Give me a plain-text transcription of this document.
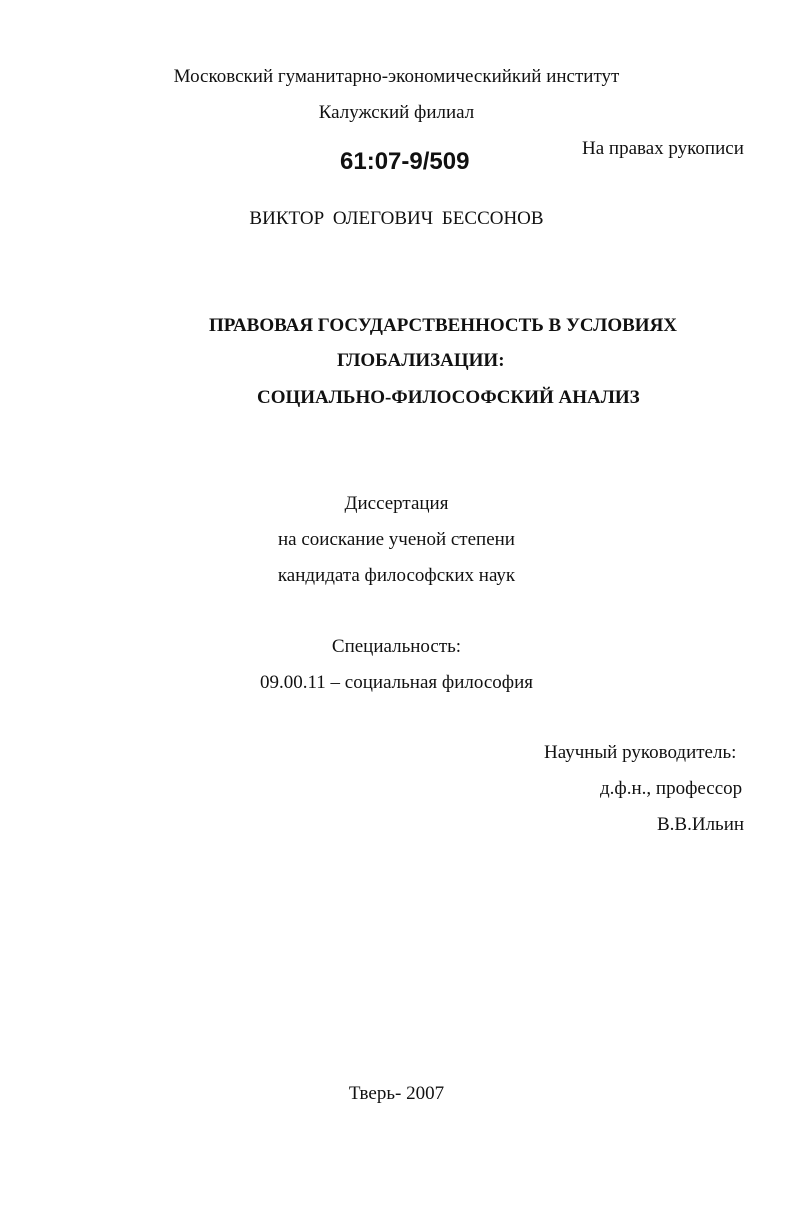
Московский гуманитарно-экономическийкий институт
Калужский филиал
61:07-9/509	На правах рукописи
ВИКТОР ОЛЕГОВИЧ БЕССОНОВ
ПРАВОВАЯ ГОСУДАРСТВЕННОСТЬ В УСЛОВИЯХ
ГЛОБАЛИЗАЦИИ:
СОЦИАЛЬНО-ФИЛОСОФСКИЙ АНАЛИЗ
Диссертация
на соискание ученой степени
кандидата философских наук
Специальность:
09.00.11 – социальная философия
Научный руководитель:
д.ф.н., профессор
В.В.Ильин
Тверь- 2007
